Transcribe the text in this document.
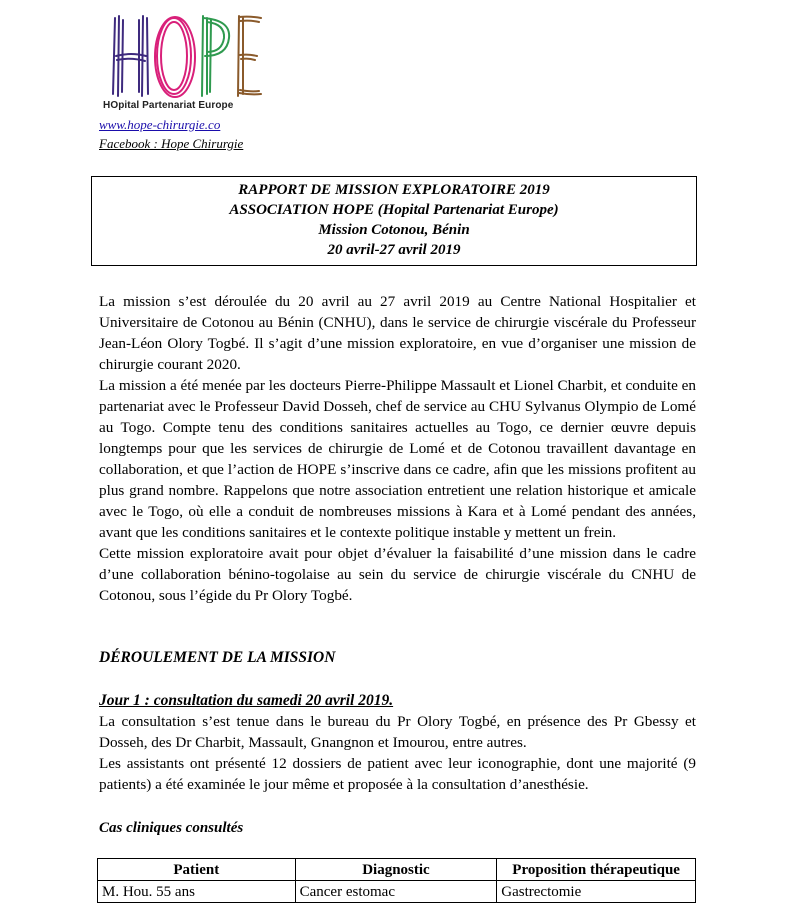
HOpital Partenariat Europe
www.hope-chirurgie.co
Facebook : Hope Chirurgie
RAPPORT DE MISSION EXPLORATOIRE 2019
ASSOCIATION HOPE (Hopital Partenariat Europe)
Mission Cotonou, Bénin
20 avril-27 avril 2019

La mission s’est déroulée du 20 avril au 27 avril 2019 au Centre National Hospitalier et Universitaire de Cotonou au Bénin (CNHU), dans le service de chirurgie viscérale du Professeur Jean-Léon Olory Togbé. Il s’agit d’une mission exploratoire, en vue d’organiser une mission de chirurgie courant 2020.

La mission a été menée par les docteurs Pierre-Philippe Massault et Lionel Charbit, et conduite en partenariat avec le Professeur David Dosseh, chef de service au CHU Sylvanus Olympio de Lomé au Togo. Compte tenu des conditions sanitaires actuelles au Togo, ce dernier œuvre depuis longtemps pour que les services de chirurgie de Lomé et de Cotonou travaillent davantage en collaboration, et que l’action de HOPE s’inscrive dans ce cadre, afin que les missions profitent au plus grand nombre. Rappelons que notre association entretient une relation historique et amicale avec le Togo, où elle a conduit de nombreuses missions à Kara et à Lomé pendant des années, avant que les conditions sanitaires et le contexte politique instable y mettent un frein.

Cette mission exploratoire avait pour objet d’évaluer la faisabilité d’une mission dans le cadre d’une collaboration bénino-togolaise au sein du service de chirurgie viscérale du CNHU de Cotonou, sous l’égide du Pr Olory Togbé.

DÉROULEMENT DE LA MISSION
Jour 1 : consultation du samedi 20 avril 2019.

La consultation s’est tenue dans le bureau du Pr Olory Togbé, en présence des Pr Gbessy et Dosseh, des Dr Charbit, Massault, Gnangnon et Imourou, entre autres.

Les assistants ont présenté 12 dossiers de patient avec leur iconographie, dont une majorité (9 patients) a été examinée le jour même et proposée à la consultation d’anesthésie.

Cas cliniques consultés
Patient	Diagnostic	Proposition thérapeutique
M. Hou. 55 ans	Cancer estomac	Gastrectomie
